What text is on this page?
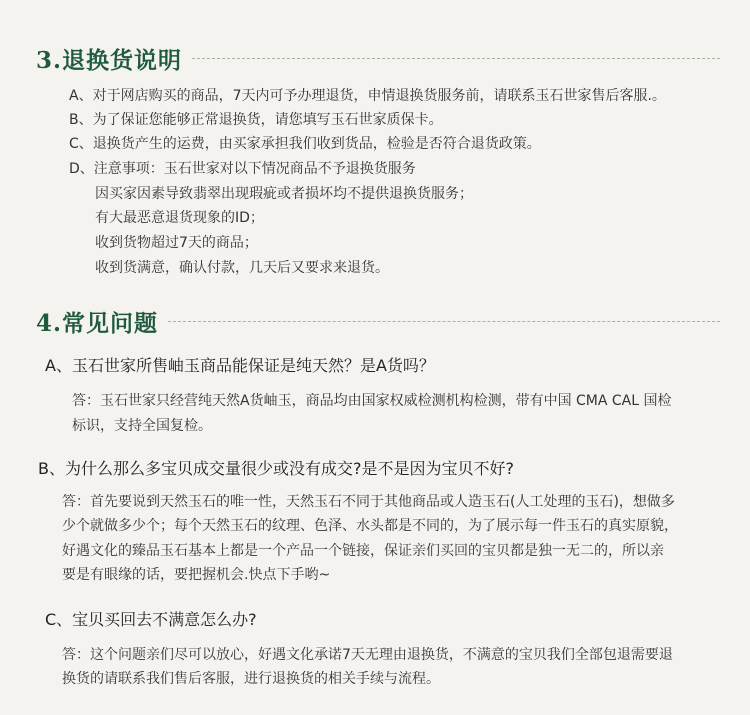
3.退换货说明
A、对于网店购买的商品，7天内可予办理退货，申情退换货服务前，请联系玉石世家售后客服.。
B、为了保证您能够正常退换货，请您填写玉石世家质保卡。
C、退换货产生的运费，由买家承担我们收到货品，检验是否符合退货政策。
D、注意事项：玉石世家对以下情况商品不予退换货服务
因买家因素导致翡翠出现瑕疵或者损坏均不提供退换货服务；
有大最恶意退货现象的ID；
收到货物超过7天的商品；
收到货满意，确认付款，几天后又要求来退货。
4.常见问题
A、玉石世家所售岫玉商品能保证是纯天然？是A货吗？
答：玉石世家只经营纯天然A货岫玉，商品均由国家权威检测机构检测，带有中国 CMA CAL 国检
标识，支持全国复检。
B、为什么那么多宝贝成交量很少或没有成交?是不是因为宝贝不好?
答：首先要说到天然玉石的唯一性，天然玉石不同于其他商品或人造玉石(人工处理的玉石)，想做多
少个就做多少个；每个天然玉石的纹理、色泽、水头都是不同的，为了展示每一件玉石的真实原貌，
好遇文化的臻品玉石基本上都是一个产品一个链接，保证亲们买回的宝贝都是独一无二的，所以亲
要是有眼缘的话，要把握机会.快点下手哟~
C、宝贝买回去不满意怎么办?
答：这个问题亲们尽可以放心，好遇文化承诺7天无理由退换货，不满意的宝贝我们全部包退需要退
换货的请联系我们售后客服，进行退换货的相关手续与流程。
